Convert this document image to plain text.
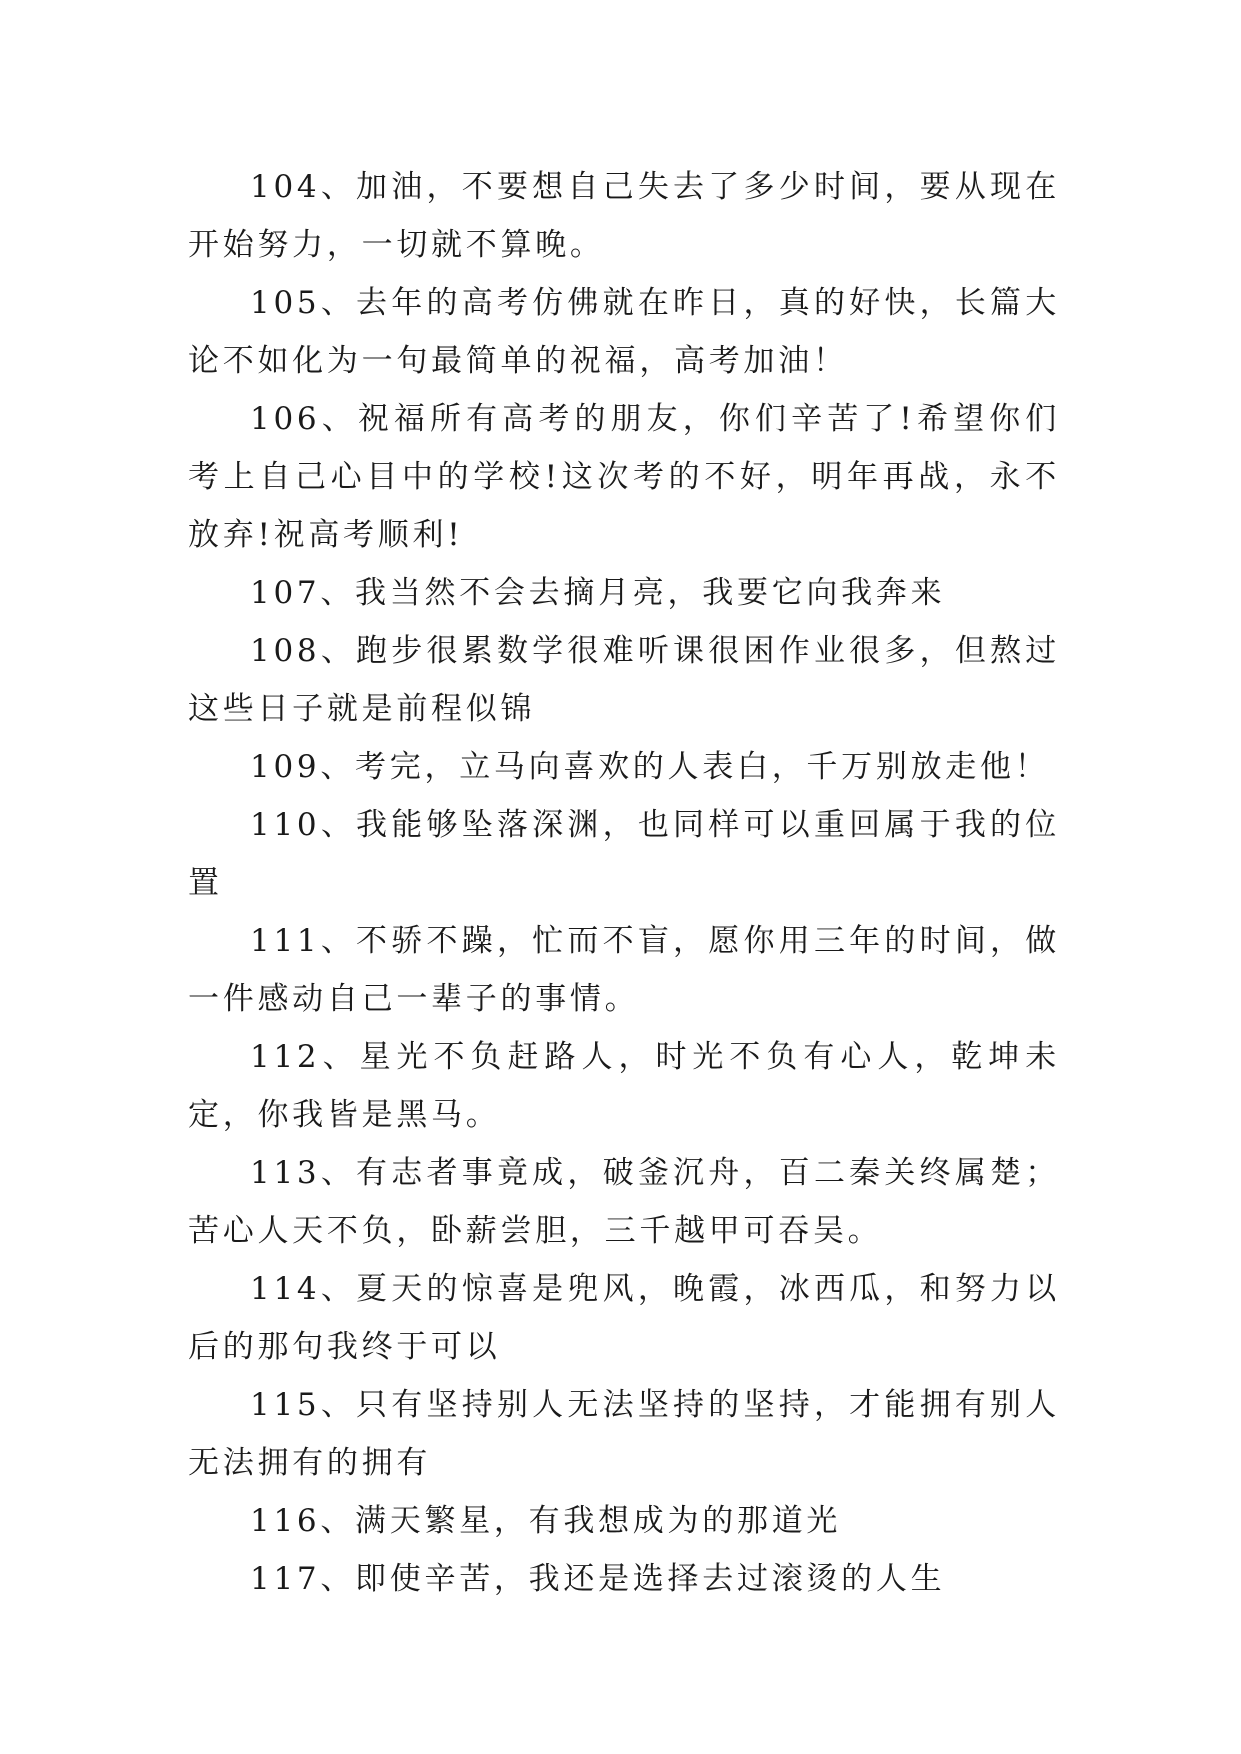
104、加油，不要想自己失去了多少时间，要从现在开始努力，一切就不算晚。

105、去年的高考仿佛就在昨日，真的好快，长篇大论不如化为一句最简单的祝福，高考加油！

106、祝福所有高考的朋友，你们辛苦了!希望你们考上自己心目中的学校!这次考的不好，明年再战，永不放弃!祝高考顺利!

107、我当然不会去摘月亮，我要它向我奔来

108、跑步很累数学很难听课很困作业很多，但熬过这些日子就是前程似锦

109、考完，立马向喜欢的人表白，千万别放走他！

110、我能够坠落深渊，也同样可以重回属于我的位置

111、不骄不躁，忙而不盲，愿你用三年的时间，做一件感动自己一辈子的事情。

112、星光不负赶路人，时光不负有心人，乾坤未定，你我皆是黑马。

113、有志者事竟成，破釜沉舟，百二秦关终属楚；苦心人天不负，卧薪尝胆，三千越甲可吞吴。

114、夏天的惊喜是兜风，晚霞，冰西瓜，和努力以后的那句我终于可以

115、只有坚持别人无法坚持的坚持，才能拥有别人无法拥有的拥有

116、满天繁星，有我想成为的那道光

117、即使辛苦，我还是选择去过滚烫的人生
